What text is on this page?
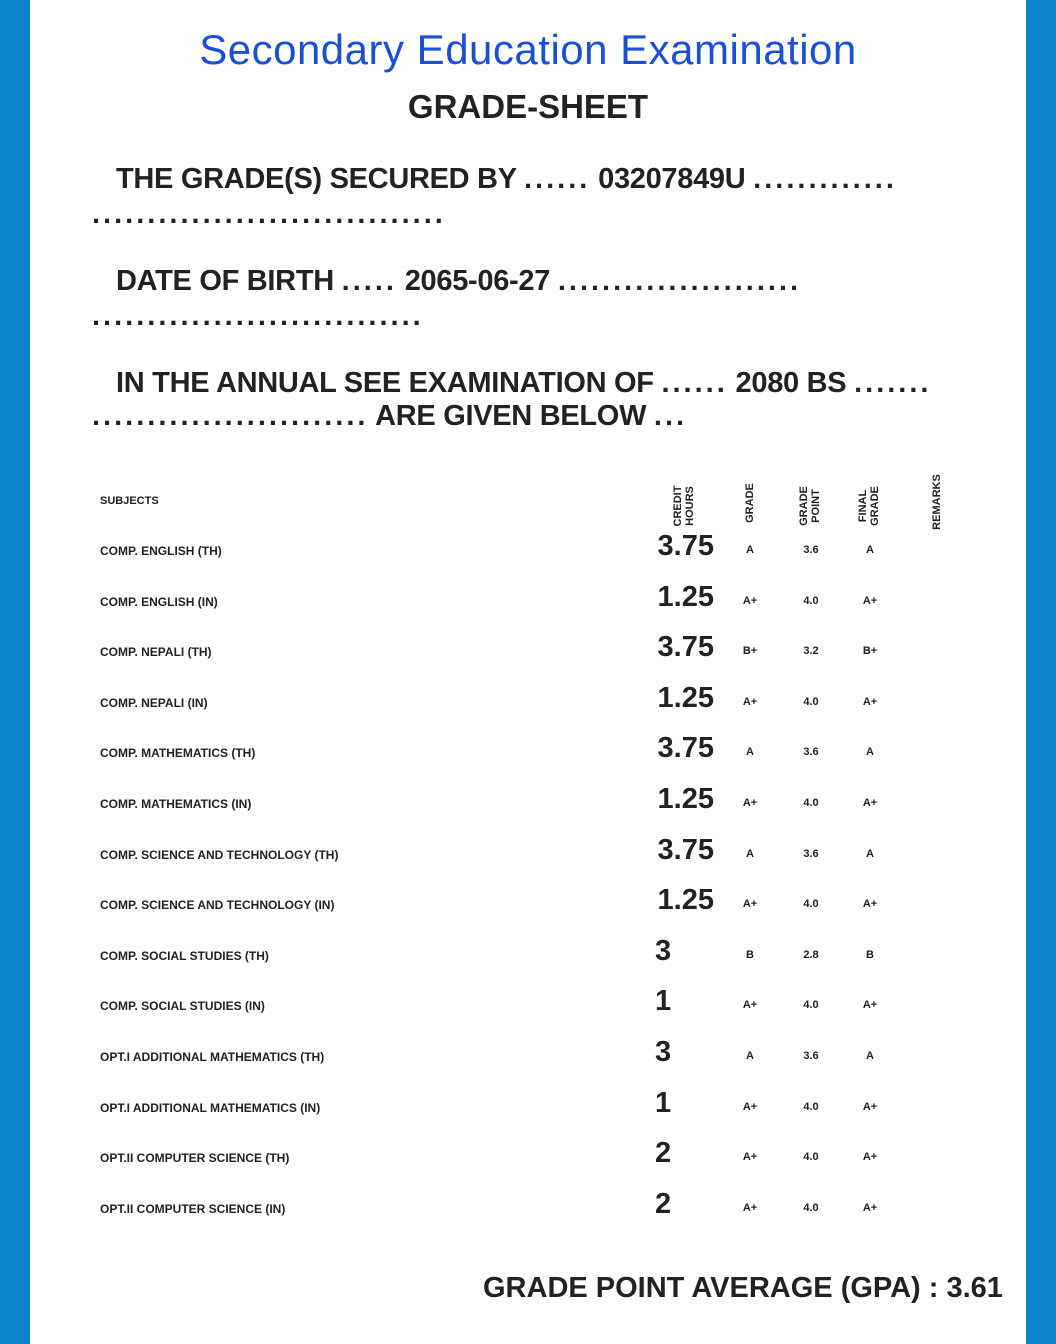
Secondary Education Examination
GRADE-SHEET
THE GRADE(S) SECURED BY ...... 03207849U .............
................................
DATE OF BIRTH ..... 2065-06-27 ......................
..............................
IN THE ANNUAL SEE EXAMINATION OF ...... 2080 BS .......
......................... ARE GIVEN BELOW ...
SUBJECTS	CREDIT HOURS	GRADE	GRADE POINT	FINAL GRADE	REMARKS
COMP. ENGLISH (TH)	3.75	A	3.6	A
COMP. ENGLISH (IN)	1.25	A+	4.0	A+
COMP. NEPALI (TH)	3.75	B+	3.2	B+
COMP. NEPALI (IN)	1.25	A+	4.0	A+
COMP. MATHEMATICS (TH)	3.75	A	3.6	A
COMP. MATHEMATICS (IN)	1.25	A+	4.0	A+
COMP. SCIENCE AND TECHNOLOGY (TH)	3.75	A	3.6	A
COMP. SCIENCE AND TECHNOLOGY (IN)	1.25	A+	4.0	A+
COMP. SOCIAL STUDIES (TH)	3	B	2.8	B
COMP. SOCIAL STUDIES (IN)	1	A+	4.0	A+
OPT.I ADDITIONAL MATHEMATICS (TH)	3	A	3.6	A
OPT.I ADDITIONAL MATHEMATICS (IN)	1	A+	4.0	A+
OPT.II COMPUTER SCIENCE (TH)	2	A+	4.0	A+
OPT.II COMPUTER SCIENCE (IN)	2	A+	4.0	A+
GRADE POINT AVERAGE (GPA) : 3.61
